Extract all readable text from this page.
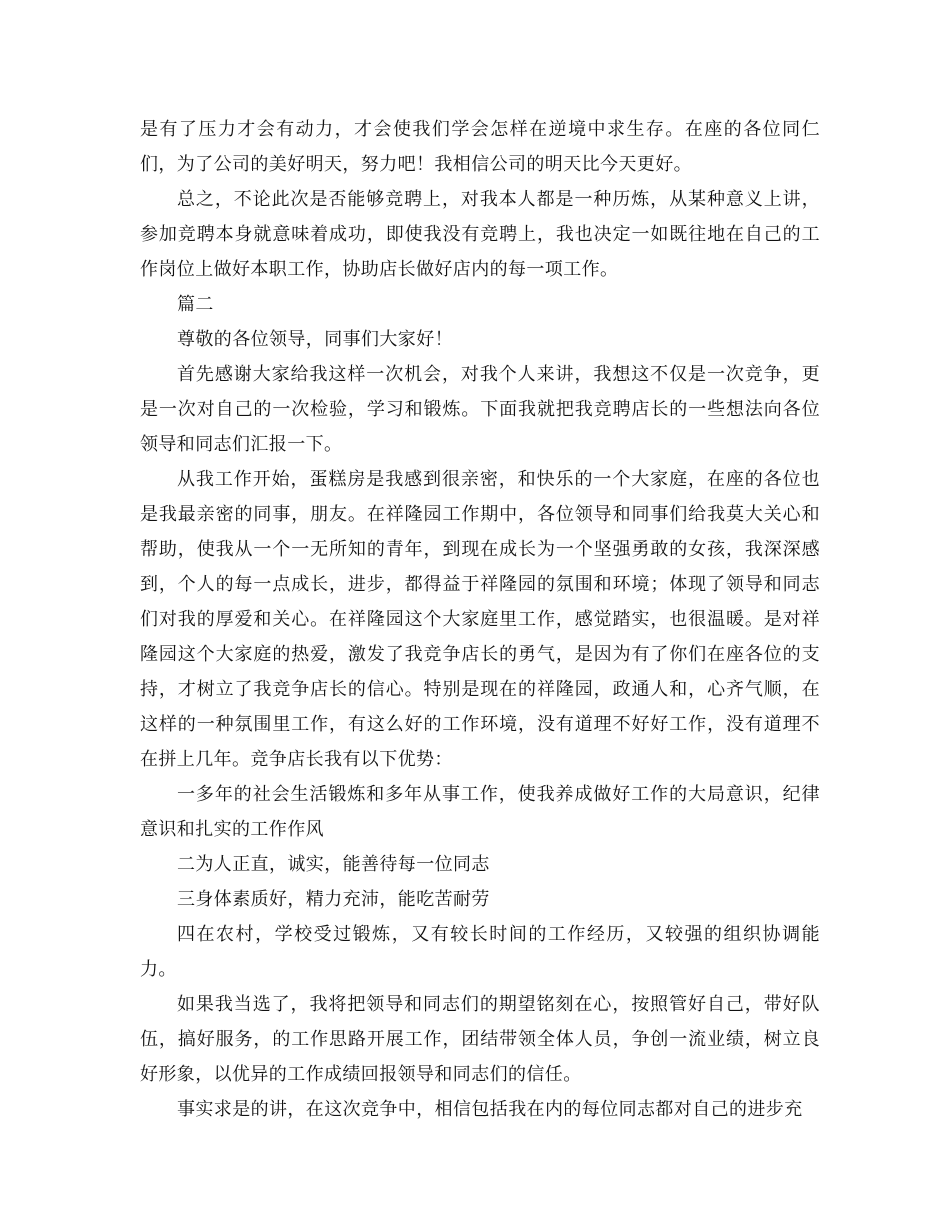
是有了压力才会有动力，才会使我们学会怎样在逆境中求生存。在座的各位同仁们，为了公司的美好明天，努力吧！我相信公司的明天比今天更好。

总之，不论此次是否能够竞聘上，对我本人都是一种历炼，从某种意义上讲，参加竞聘本身就意味着成功，即使我没有竞聘上，我也决定一如既往地在自己的工作岗位上做好本职工作，协助店长做好店内的每一项工作。

篇二

尊敬的各位领导，同事们大家好！

首先感谢大家给我这样一次机会，对我个人来讲，我想这不仅是一次竞争，更是一次对自己的一次检验，学习和锻炼。下面我就把我竞聘店长的一些想法向各位领导和同志们汇报一下。

从我工作开始，蛋糕房是我感到很亲密，和快乐的一个大家庭，在座的各位也是我最亲密的同事，朋友。在祥隆园工作期中，各位领导和同事们给我莫大关心和帮助，使我从一个一无所知的青年，到现在成长为一个坚强勇敢的女孩，我深深感到，个人的每一点成长，进步，都得益于祥隆园的氛围和环境；体现了领导和同志们对我的厚爱和关心。在祥隆园这个大家庭里工作，感觉踏实，也很温暖。是对祥隆园这个大家庭的热爱，激发了我竞争店长的勇气，是因为有了你们在座各位的支持，才树立了我竞争店长的信心。特别是现在的祥隆园，政通人和，心齐气顺，在这样的一种氛围里工作，有这么好的工作环境，没有道理不好好工作，没有道理不在拼上几年。竞争店长我有以下优势：

一多年的社会生活锻炼和多年从事工作，使我养成做好工作的大局意识，纪律意识和扎实的工作作风

二为人正直，诚实，能善待每一位同志

三身体素质好，精力充沛，能吃苦耐劳

四在农村，学校受过锻炼，又有较长时间的工作经历，又较强的组织协调能力。

如果我当选了，我将把领导和同志们的期望铭刻在心，按照管好自己，带好队伍，搞好服务，的工作思路开展工作，团结带领全体人员，争创一流业绩，树立良好形象，以优异的工作成绩回报领导和同志们的信任。

事实求是的讲，在这次竞争中，相信包括我在内的每位同志都对自己的进步充
